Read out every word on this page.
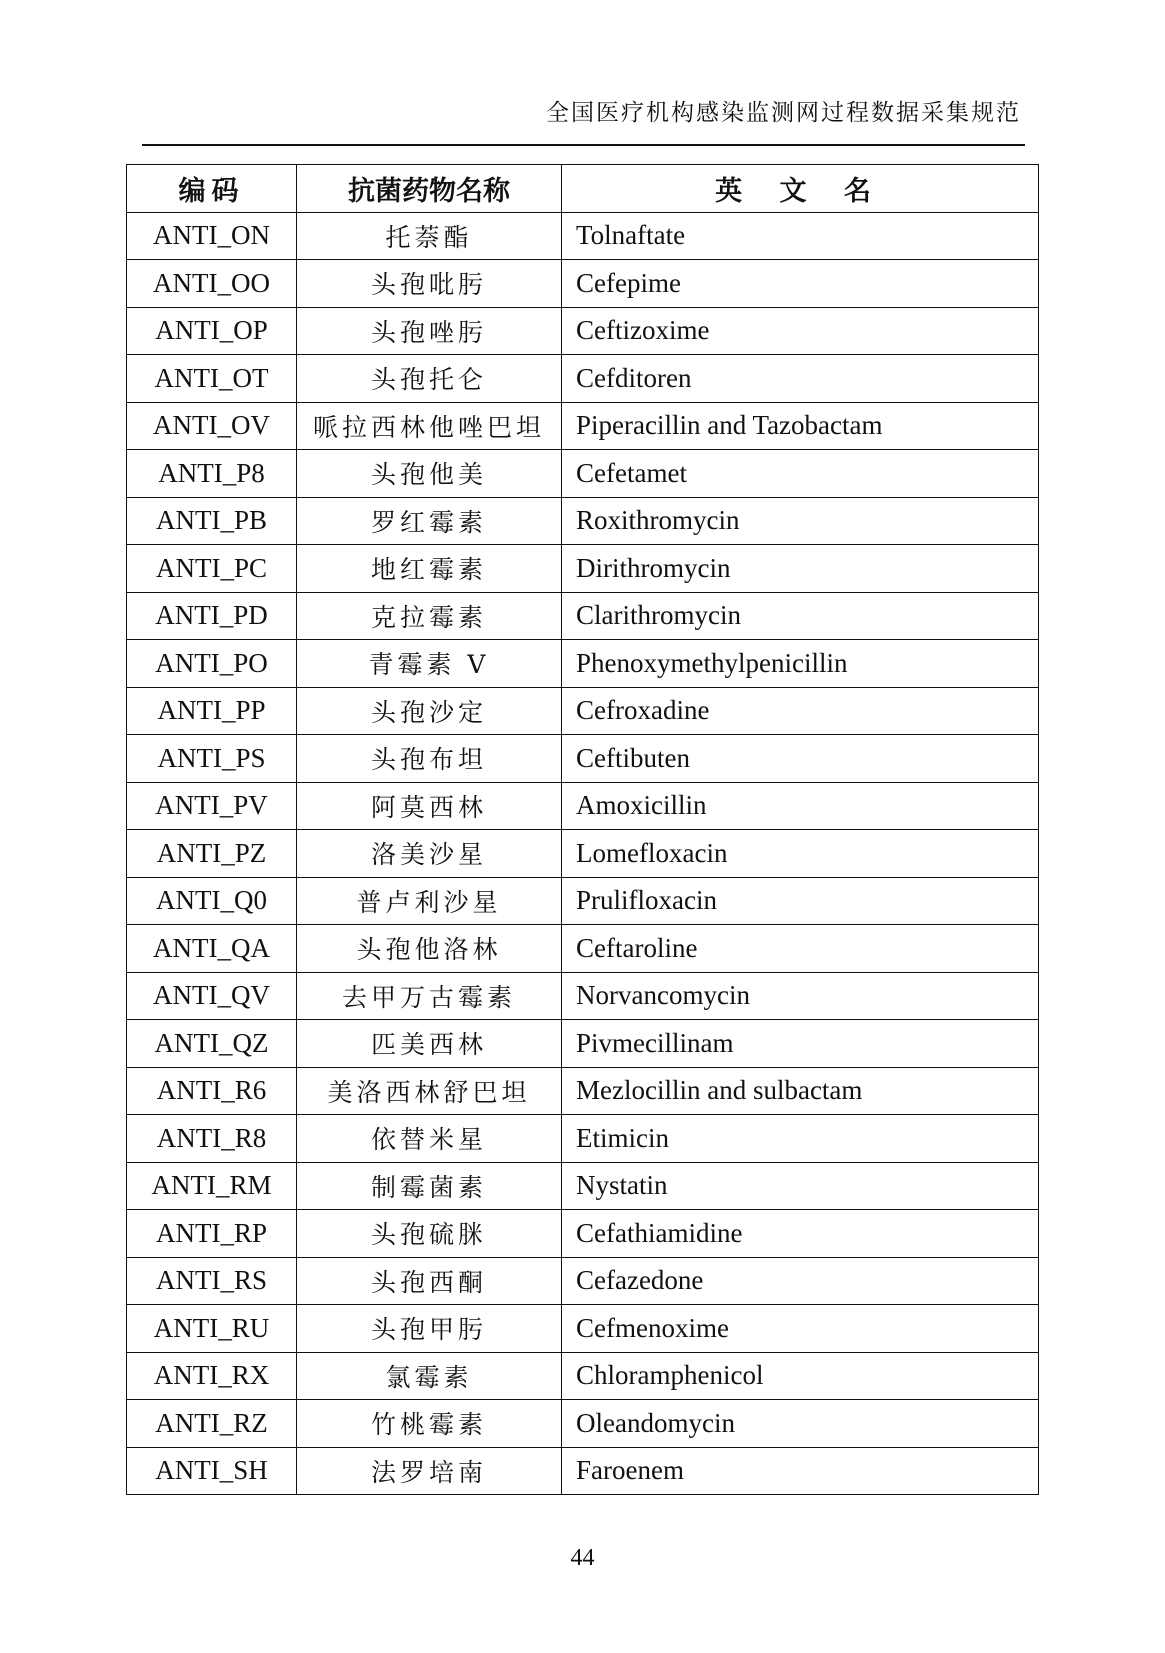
全国医疗机构感染监测网过程数据采集规范
编码	抗菌药物名称	英 文 名
ANTI_ON	托萘酯	Tolnaftate
ANTI_OO	头孢吡肟	Cefepime
ANTI_OP	头孢唑肟	Ceftizoxime
ANTI_OT	头孢托仑	Cefditoren
ANTI_OV	哌拉西林他唑巴坦	Piperacillin and Tazobactam
ANTI_P8	头孢他美	Cefetamet
ANTI_PB	罗红霉素	Roxithromycin
ANTI_PC	地红霉素	Dirithromycin
ANTI_PD	克拉霉素	Clarithromycin
ANTI_PO	青霉素 V	Phenoxymethylpenicillin
ANTI_PP	头孢沙定	Cefroxadine
ANTI_PS	头孢布坦	Ceftibuten
ANTI_PV	阿莫西林	Amoxicillin
ANTI_PZ	洛美沙星	Lomefloxacin
ANTI_Q0	普卢利沙星	Prulifloxacin
ANTI_QA	头孢他洛林	Ceftaroline
ANTI_QV	去甲万古霉素	Norvancomycin
ANTI_QZ	匹美西林	Pivmecillinam
ANTI_R6	美洛西林舒巴坦	Mezlocillin and sulbactam
ANTI_R8	依替米星	Etimicin
ANTI_RM	制霉菌素	Nystatin
ANTI_RP	头孢硫脒	Cefathiamidine
ANTI_RS	头孢西酮	Cefazedone
ANTI_RU	头孢甲肟	Cefmenoxime
ANTI_RX	氯霉素	Chloramphenicol
ANTI_RZ	竹桃霉素	Oleandomycin
ANTI_SH	法罗培南	Faroenem
44
